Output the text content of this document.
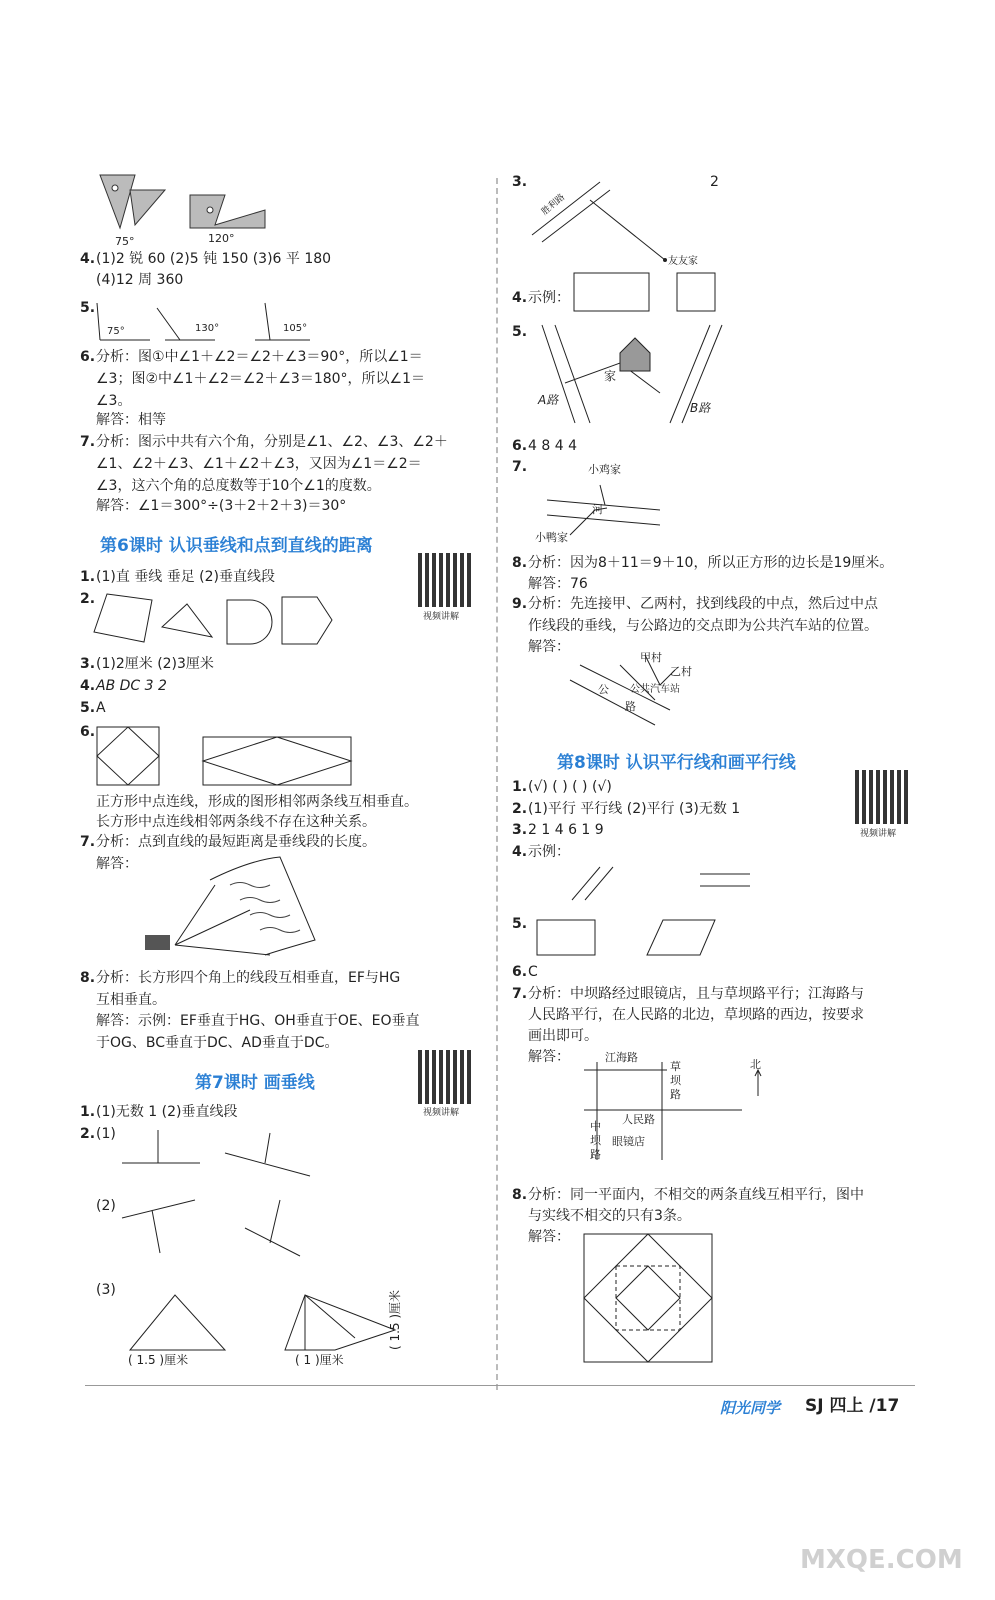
75°	120°
4. (1)2 锐 60 (2)5 钝 150 (3)6 平 180
(4)12 周 360
5.
75°	130°	105°
6. 分析：图①中∠1＋∠2＝∠2＋∠3＝90°，所以∠1＝
∠3；图②中∠1＋∠2＝∠2＋∠3＝180°，所以∠1＝
∠3。
解答：相等
7. 分析：图示中共有六个角，分别是∠1、∠2、∠3、∠2＋
∠1、∠2＋∠3、∠1＋∠2＋∠3，又因为∠1＝∠2＝
∠3，这六个角的总度数等于10个∠1的度数。
解答：∠1＝300°÷(3＋2＋2＋3)＝30°
第6课时 认识垂线和点到直线的距离
1. (1)直 垂线 垂足 (2)垂直线段
视频讲解
2.
3. (1)2厘米 (2)3厘米
4. AB DC 3 2
5. A
6.
正方形中点连线，形成的图形相邻两条线互相垂直。
长方形中点连线相邻两条线不存在这种关系。
7. 分析：点到直线的最短距离是垂线段的长度。
解答：
8. 分析：长方形四个角上的线段互相垂直，EF与HG
互相垂直。
解答：示例：EF垂直于HG、OH垂直于OE、EO垂直
于OG、BC垂直于DC、AD垂直于DC。
第7课时 画垂线
视频讲解
1. (1)无数 1 (2)垂直线段
2. (1)
(2)
(3)
( 1.5 )厘米	( 1 )厘米
( 1.5 )厘米
3.	2
胜利路
友友家
4. 示例：
5.
家
A路
B路
6. 4 8 4 4
7.	小鸡家
河
小鸭家
8. 分析：因为8＋11＝9＋10，所以正方形的边长是19厘米。
解答：76
9. 分析：先连接甲、乙两村，找到线段的中点，然后过中点
作线段的垂线，与公路边的交点即为公共汽车站的位置。
解答：
甲村
乙村
公
路
公共汽车站
第8课时 认识平行线和画平行线
视频讲解
1. (√) ( ) ( ) (√)
2. (1)平行 平行线 (2)平行 (3)无数 1
3. 2 1 4 6 1 9
4. 示例：
5.
6. C
7. 分析：中坝路经过眼镜店，且与草坝路平行；江海路与
人民路平行，在人民路的北边，草坝路的西边，按要求
画出即可。
解答：	江海路
草坝路
人民路
中坝路
眼镜店
北
8. 分析：同一平面内，不相交的两条直线互相平行，图中
与实线不相交的只有3条。
解答：
阳光同学 SJ 四上 /17
MXQE.COM
